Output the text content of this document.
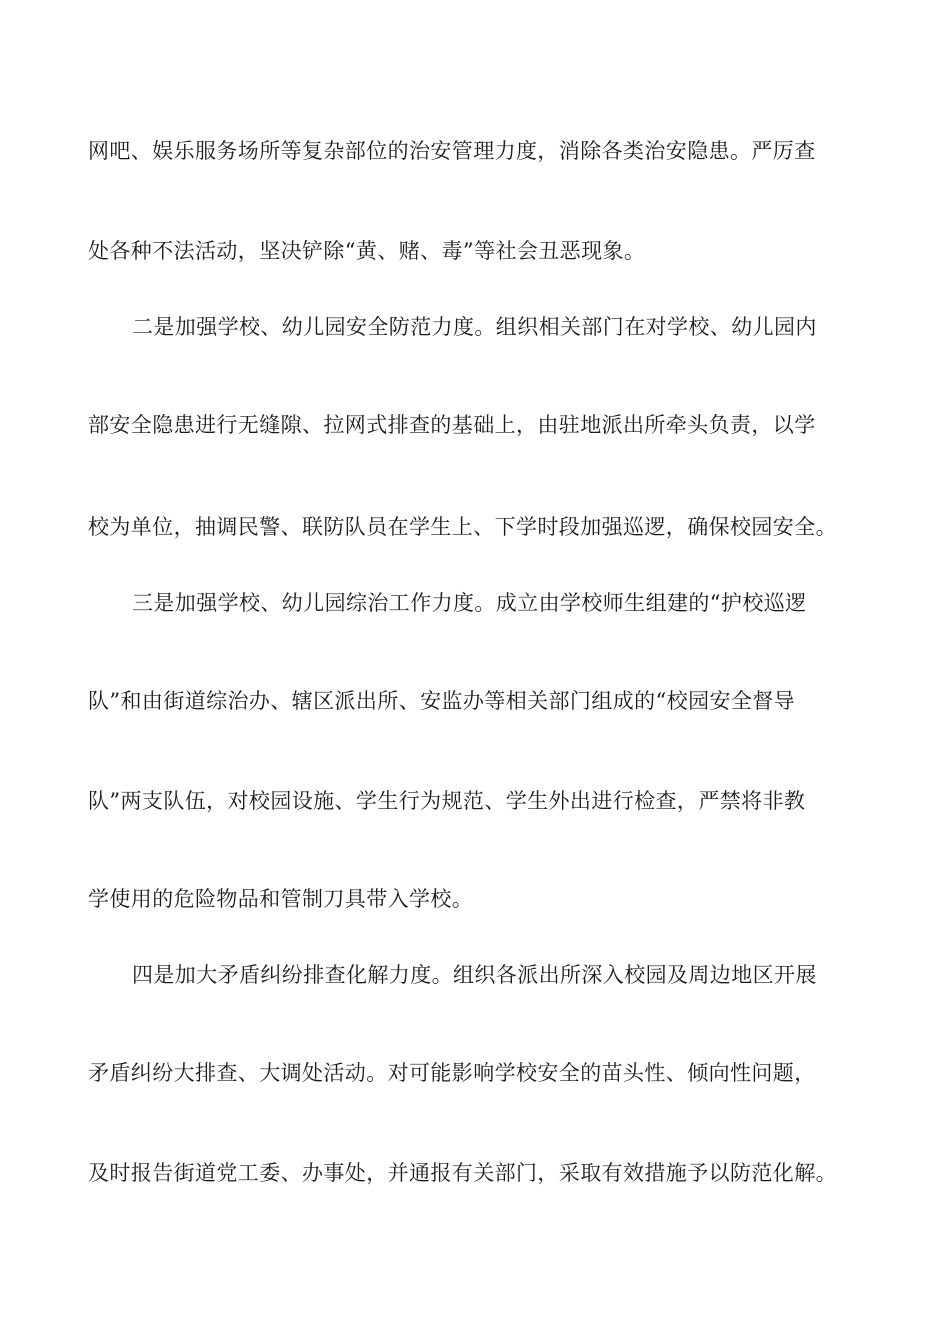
网吧、娱乐服务场所等复杂部位的治安管理力度，消除各类治安隐患。严厉查
处各种不法活动，坚决铲除“黄、赌、毒”等社会丑恶现象。
二是加强学校、幼儿园安全防范力度。组织相关部门在对学校、幼儿园内
部安全隐患进行无缝隙、拉网式排查的基础上，由驻地派出所牵头负责，以学
校为单位，抽调民警、联防队员在学生上、下学时段加强巡逻，确保校园安全。
三是加强学校、幼儿园综治工作力度。成立由学校师生组建的“护校巡逻
队”和由街道综治办、辖区派出所、安监办等相关部门组成的“校园安全督导
队”两支队伍，对校园设施、学生行为规范、学生外出进行检查，严禁将非教
学使用的危险物品和管制刀具带入学校。
四是加大矛盾纠纷排查化解力度。组织各派出所深入校园及周边地区开展
矛盾纠纷大排查、大调处活动。对可能影响学校安全的苗头性、倾向性问题，
及时报告街道党工委、办事处，并通报有关部门，采取有效措施予以防范化解。
